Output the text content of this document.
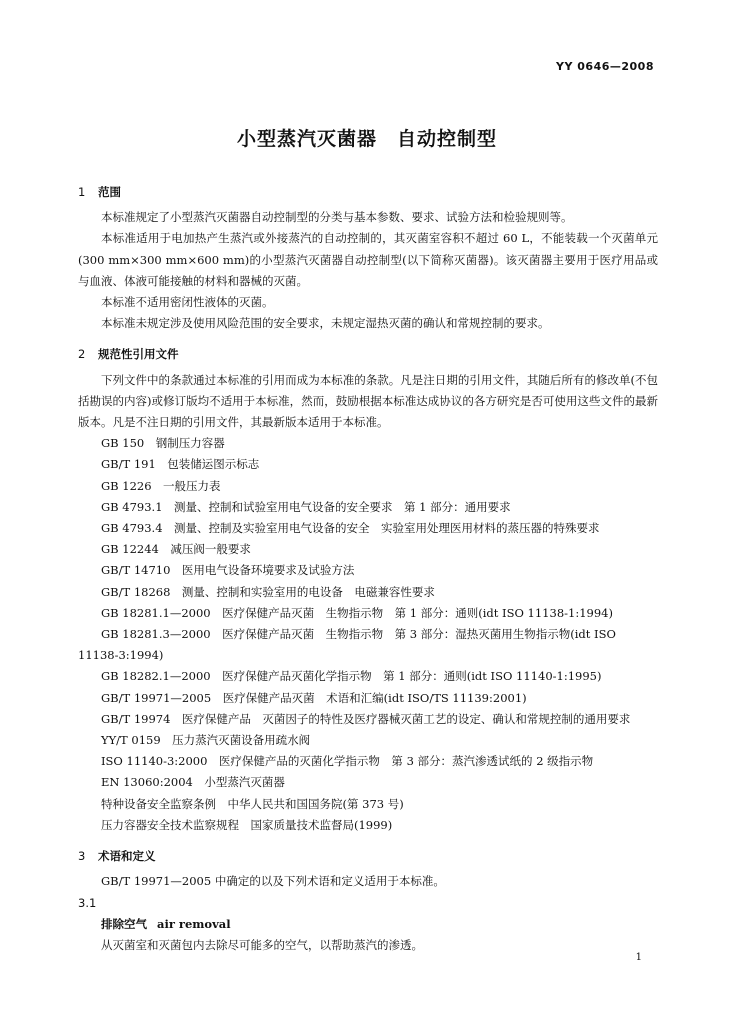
YY 0646—2008
小型蒸汽灭菌器　自动控制型

1 范围

本标准规定了小型蒸汽灭菌器自动控制型的分类与基本参数、要求、试验方法和检验规则等。

本标准适用于电加热产生蒸汽或外接蒸汽的自动控制的，其灭菌室容积不超过 60 L，不能装载一个灭菌单元(300 mm×300 mm×600 mm)的小型蒸汽灭菌器自动控制型(以下简称灭菌器)。该灭菌器主要用于医疗用品或与血液、体液可能接触的材料和器械的灭菌。

本标准不适用密闭性液体的灭菌。

本标准未规定涉及使用风险范围的安全要求，未规定湿热灭菌的确认和常规控制的要求。

2 规范性引用文件

下列文件中的条款通过本标准的引用而成为本标准的条款。凡是注日期的引用文件，其随后所有的修改单(不包括勘误的内容)或修订版均不适用于本标准，然而，鼓励根据本标准达成协议的各方研究是否可使用这些文件的最新版本。凡是不注日期的引用文件，其最新版本适用于本标准。

GB 150　钢制压力容器

GB/T 191　包装储运图示标志

GB 1226　一般压力表

GB 4793.1　测量、控制和试验室用电气设备的安全要求　第 1 部分：通用要求

GB 4793.4　测量、控制及实验室用电气设备的安全　实验室用处理医用材料的蒸压器的特殊要求

GB 12244　减压阀一般要求

GB/T 14710　医用电气设备环境要求及试验方法

GB/T 18268　测量、控制和实验室用的电设备　电磁兼容性要求

GB 18281.1—2000　医疗保健产品灭菌　生物指示物　第 1 部分：通则(idt ISO 11138-1:1994)

GB 18281.3—2000　医疗保健产品灭菌　生物指示物　第 3 部分：湿热灭菌用生物指示物(idt ISO 11138-3:1994)

GB 18282.1—2000　医疗保健产品灭菌化学指示物　第 1 部分：通则(idt ISO 11140-1:1995)

GB/T 19971—2005　医疗保健产品灭菌　术语和汇编(idt ISO/TS 11139:2001)

GB/T 19974　医疗保健产品　灭菌因子的特性及医疗器械灭菌工艺的设定、确认和常规控制的通用要求

YY/T 0159　压力蒸汽灭菌设备用疏水阀

ISO 11140-3:2000　医疗保健产品的灭菌化学指示物　第 3 部分：蒸汽渗透试纸的 2 级指示物

EN 13060:2004　小型蒸汽灭菌器

特种设备安全监察条例　中华人民共和国国务院(第 373 号)

压力容器安全技术监察规程　国家质量技术监督局(1999)

3 术语和定义

GB/T 19971—2005 中确定的以及下列术语和定义适用于本标准。

3.1

排除空气 air removal

从灭菌室和灭菌包内去除尽可能多的空气，以帮助蒸汽的渗透。

1
